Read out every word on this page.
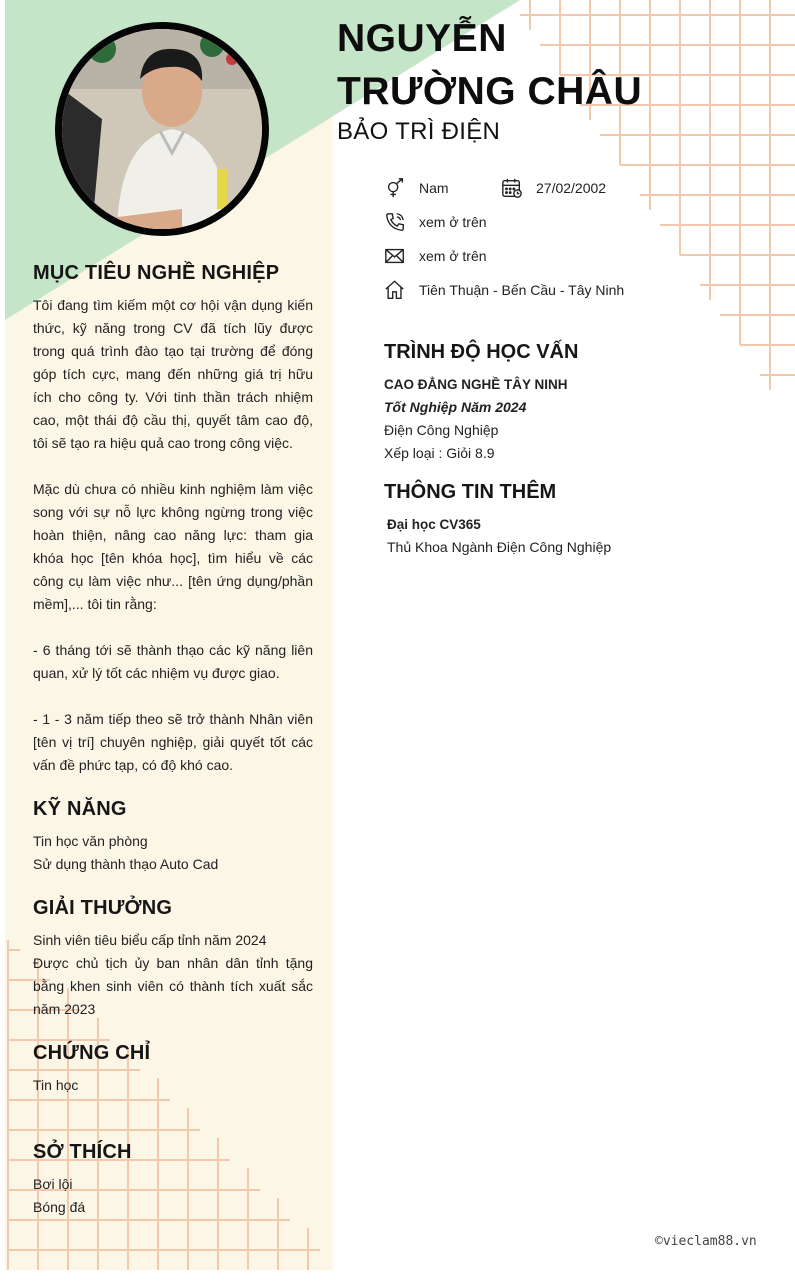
MỤC TIÊU NGHỀ NGHIỆP

Tôi đang tìm kiếm một cơ hội vận dụng kiến thức, kỹ năng trong CV đã tích lũy được trong quá trình đào tạo tại trường để đóng góp tích cực, mang đến những giá trị hữu ích cho công ty. Với tinh thần trách nhiệm cao, một thái độ cầu thị, quyết tâm cao độ, tôi sẽ tạo ra hiệu quả cao trong công việc.

Mặc dù chưa có nhiều kinh nghiệm làm việc song với sự nỗ lực không ngừng trong việc hoàn thiện, nâng cao năng lực: tham gia khóa học [tên khóa học], tìm hiểu về các công cụ làm việc như... [tên ứng dụng/phần mềm],... tôi tin rằng:

- 6 tháng tới sẽ thành thạo các kỹ năng liên quan, xử lý tốt các nhiệm vụ được giao.

- 1 - 3 năm tiếp theo sẽ trở thành Nhân viên [tên vị trí] chuyên nghiệp, giải quyết tốt các vấn đề phức tạp, có độ khó cao.

KỸ NĂNG
Tin học văn phòng
Sử dụng thành thạo Auto Cad
GIẢI THƯỞNG
Sinh viên tiêu biểu cấp tỉnh năm 2024
Được chủ tịch ủy ban nhân dân tỉnh tặng bằng khen sinh viên có thành tích xuất sắc năm 2023
CHỨNG CHỈ
Tin học
SỞ THÍCH
Bơi lội
Bóng đá
NGUYỄN TRƯỜNG CHÂU
BẢO TRÌ ĐIỆN
Nam	27/02/2002
xem ở trên
xem ở trên
Tiên Thuận - Bến Cầu - Tây Ninh
TRÌNH ĐỘ HỌC VẤN
CAO ĐẲNG NGHỀ TÂY NINH
Tốt Nghiệp Năm 2024
Điện Công Nghiệp
Xếp loại : Giỏi 8.9
THÔNG TIN THÊM
Đại học CV365
Thủ Khoa Ngành Điện Công Nghiệp
©vieclam88.vn
